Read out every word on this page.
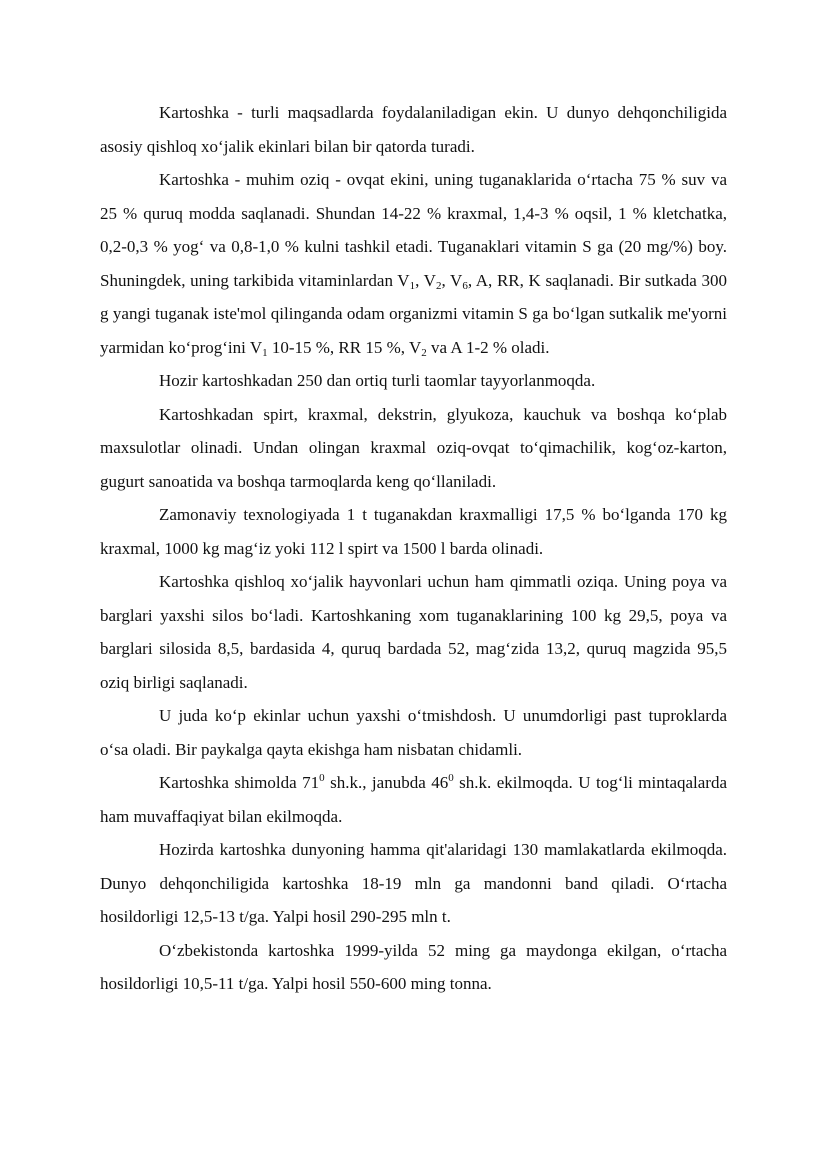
Kartoshka - turli maqsadlarda foydalaniladigan ekin. U dunyo dehqonchiligida asosiy qishloq xo‘jalik ekinlari bilan bir qatorda turadi.

Kartoshka - muhim oziq - ovqat ekini, uning tuganaklarida o‘rtacha 75 % suv va 25 % quruq modda saqlanadi. Shundan 14-22 % kraxmal, 1,4-3 % oqsil, 1 % kletchatka, 0,2-0,3 % yog‘ va 0,8-1,0 % kulni tashkil etadi. Tuganaklari vitamin S ga (20 mg/%) boy. Shuningdek, uning tarkibida vitaminlardan $V_1$, $V_2$, $V_6$, A, RR, K saqlanadi. Bir sutkada 300 g yangi tuganak iste'mol qilinganda odam organizmi vitamin S ga bo‘lgan sutkalik me'yorni yarmidan ko‘prog‘ini $V_1$ 10-15 %, RR 15 %, $V_2$ va A 1-2 % oladi.

Hozir kartoshkadan 250 dan ortiq turli taomlar tayyorlanmoqda.

Kartoshkadan spirt, kraxmal, dekstrin, glyukoza, kauchuk va boshqa ko‘plab maxsulotlar olinadi. Undan olingan kraxmal oziq-ovqat to‘qimachilik, kog‘oz-karton, gugurt sanoatida va boshqa tarmoqlarda keng qo‘llaniladi.

Zamonaviy texnologiyada 1 t tuganakdan kraxmalligi 17,5 % bo‘lganda 170 kg kraxmal, 1000 kg mag‘iz yoki 112 l spirt va 1500 l barda olinadi.

Kartoshka qishloq xo‘jalik hayvonlari uchun ham qimmatli oziqa. Uning poya va barglari yaxshi silos bo‘ladi. Kartoshkaning xom tuganaklarining 100 kg 29,5, poya va barglari silosida 8,5, bardasida 4, quruq bardada 52, mag‘zida 13,2, quruq magzida 95,5 oziq birligi saqlanadi.

U juda ko‘p ekinlar uchun yaxshi o‘tmishdosh. U unumdorligi past tuproklarda o‘sa oladi. Bir paykalga qayta ekishga ham nisbatan chidamli.

Kartoshka shimolda $71^0$ sh.k., janubda $46^0$ sh.k. ekilmoqda. U tog‘li mintaqalarda ham muvaffaqiyat bilan ekilmoqda.

Hozirda kartoshka dunyoning hamma qit'alaridagi 130 mamlakatlarda ekilmoqda. Dunyo dehqonchiligida kartoshka 18-19 mln ga mandonni band qiladi. O‘rtacha hosildorligi 12,5-13 t/ga. Yalpi hosil 290-295 mln t.

O‘zbekistonda kartoshka 1999-yilda 52 ming ga maydonga ekilgan, o‘rtacha hosildorligi 10,5-11 t/ga. Yalpi hosil 550-600 ming tonna.
